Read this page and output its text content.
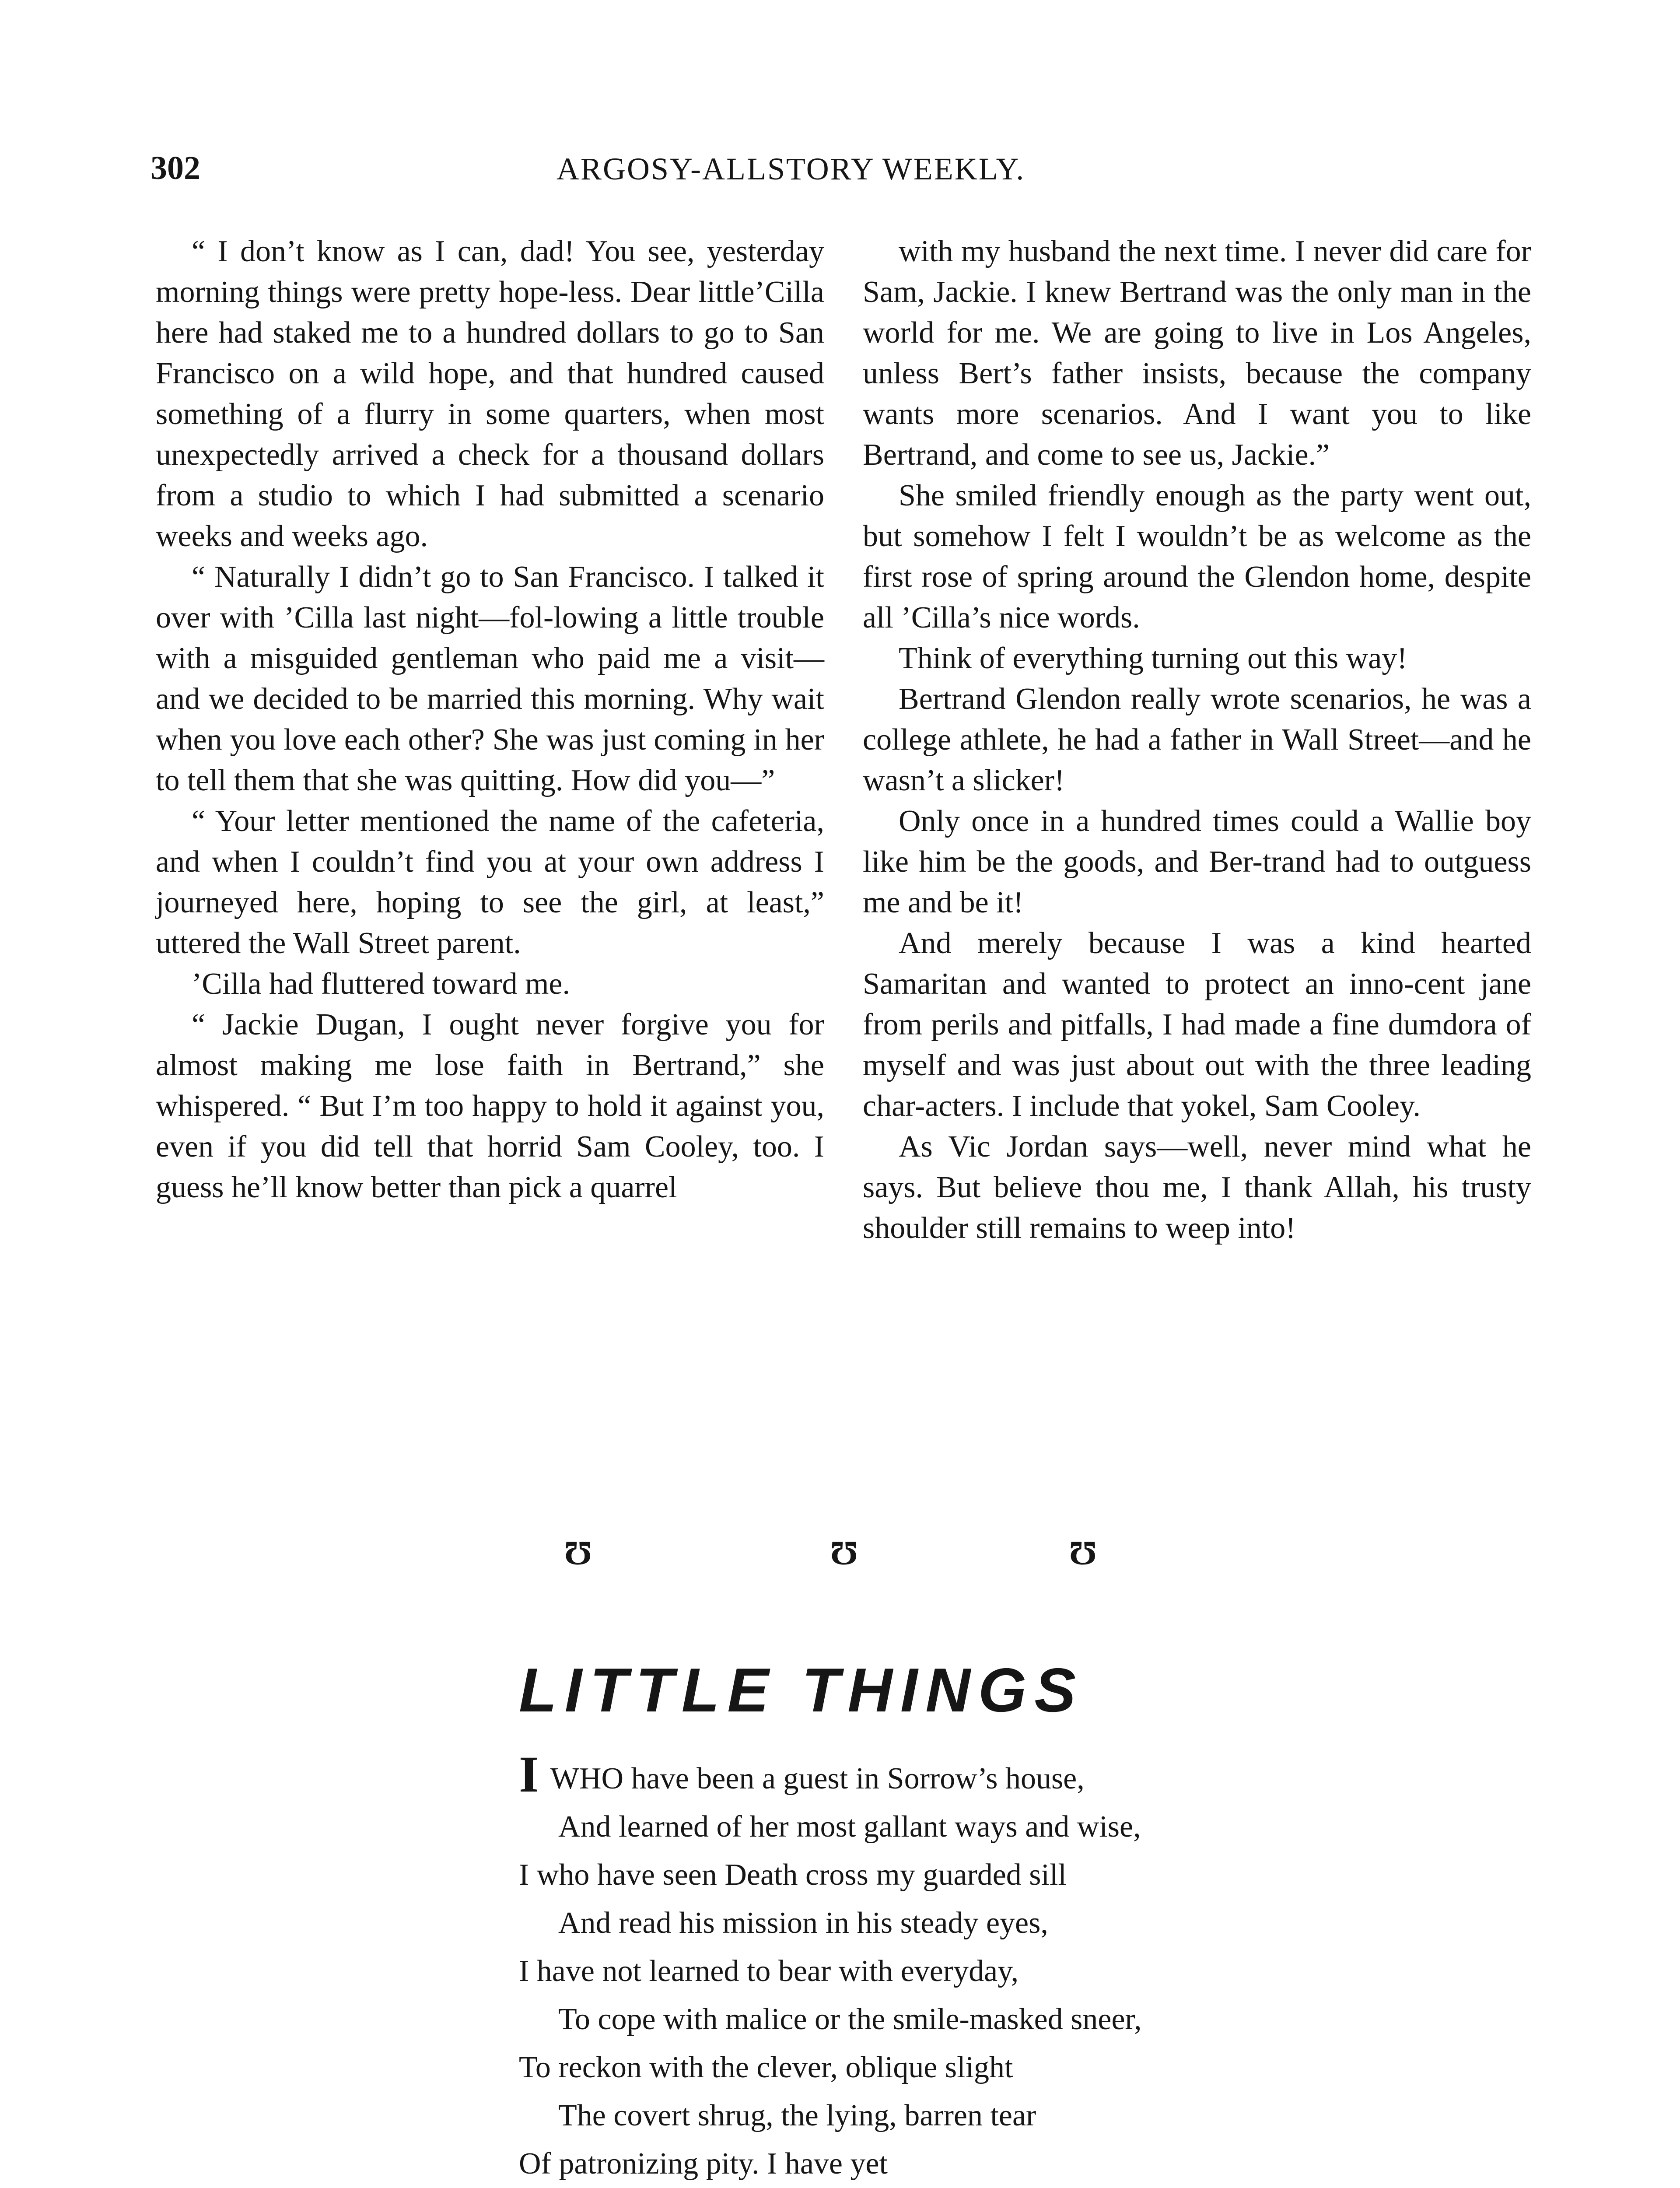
302	ARGOSY-ALLSTORY WEEKLY.

“ I don’t know as I can, dad! You see, yesterday morning things were pretty hope-less. Dear little’Cilla here had staked me to a hundred dollars to go to San Francisco on a wild hope, and that hundred caused something of a flurry in some quarters, when most unexpectedly arrived a check for a thousand dollars from a studio to which I had submitted a scenario weeks and weeks ago.

“ Naturally I didn’t go to San Francisco. I talked it over with ’Cilla last night—fol-lowing a little trouble with a misguided gentleman who paid me a visit—and we decided to be married this morning. Why wait when you love each other? She was just coming in her to tell them that she was quitting. How did you—”

“ Your letter mentioned the name of the cafeteria, and when I couldn’t find you at your own address I journeyed here, hoping to see the girl, at least,” uttered the Wall Street parent.

’Cilla had fluttered toward me.

“ Jackie Dugan, I ought never forgive you for almost making me lose faith in Bertrand,” she whispered. “ But I’m too happy to hold it against you, even if you did tell that horrid Sam Cooley, too. I guess he’ll know better than pick a quarrel

with my husband the next time. I never did care for Sam, Jackie. I knew Bertrand was the only man in the world for me. We are going to live in Los Angeles, unless Bert’s father insists, because the company wants more scenarios. And I want you to like Bertrand, and come to see us, Jackie.”

She smiled friendly enough as the party went out, but somehow I felt I wouldn’t be as welcome as the first rose of spring around the Glendon home, despite all ’Cilla’s nice words.

Think of everything turning out this way!

Bertrand Glendon really wrote scenarios, he was a college athlete, he had a father in Wall Street—and he wasn’t a slicker!

Only once in a hundred times could a Wallie boy like him be the goods, and Ber-trand had to outguess me and be it!

And merely because I was a kind hearted Samaritan and wanted to protect an inno-cent jane from perils and pitfalls, I had made a fine dumdora of myself and was just about out with the three leading char-acters. I include that yokel, Sam Cooley.

As Vic Jordan says—well, never mind what he says. But believe thou me, I thank Allah, his trusty shoulder still remains to weep into!

Ʊ	Ʊ	Ʊ
LITTLE THINGS
IWHO have been a guest in Sorrow’s house,
And learned of her most gallant ways and wise,
I who have seen Death cross my guarded sill
And read his mission in his steady eyes,
I have not learned to bear with everyday,
To cope with malice or the smile-masked sneer,
To reckon with the clever, oblique slight
The covert shrug, the lying, barren tear
Of patronizing pity. I have yet
